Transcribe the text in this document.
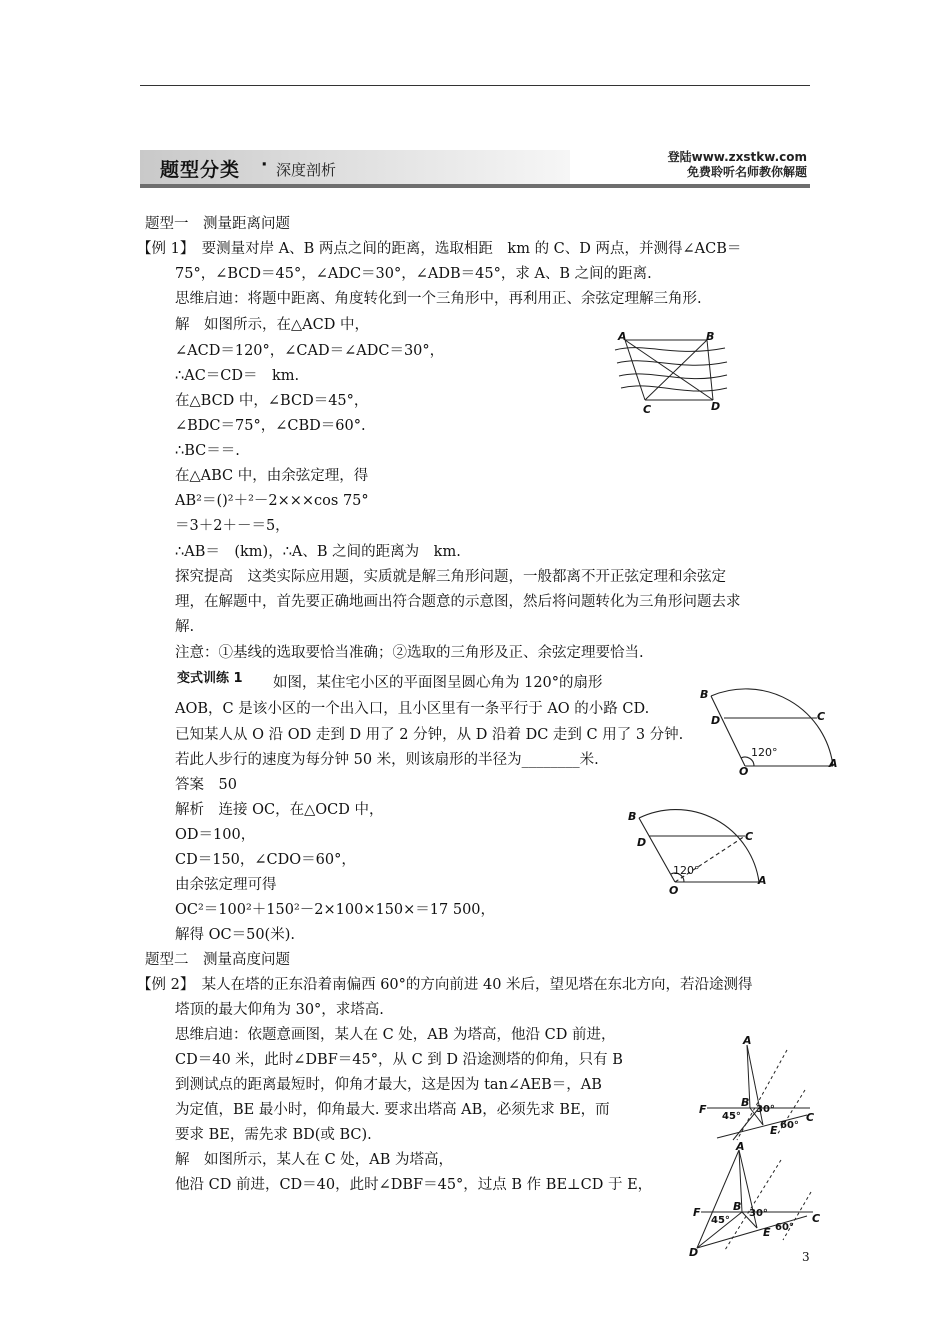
题型分类 · 深度剖析
登陆www.zxstkw.com
免费聆听名师教你解题
题型一　测量距离问题
【例 1】　要测量对岸 A、B 两点之间的距离，选取相距　km 的 C、D 两点，并测得∠ACB＝
75°，∠BCD＝45°，∠ADC＝30°，∠ADB＝45°，求 A、B 之间的距离.
思维启迪：将题中距离、角度转化到一个三角形中，再利用正、余弦定理解三角形.
解　如图所示，在△ACD 中，
∠ACD＝120°，∠CAD＝∠ADC＝30°，
∴AC＝CD＝　km.
在△BCD 中，∠BCD＝45°，
∠BDC＝75°，∠CBD＝60°.
∴BC＝＝.
在△ABC 中，由余弦定理，得
AB²＝()²＋²－2×××cos 75°
＝3＋2＋－＝5，
∴AB＝　(km)，∴A、B 之间的距离为　km.
探究提高　这类实际应用题，实质就是解三角形问题，一般都离不开正弦定理和余弦定
理，在解题中，首先要正确地画出符合题意的示意图，然后将问题转化为三角形问题去求
解.
注意：①基线的选取要恰当准确；②选取的三角形及正、余弦定理要恰当.
变式训练 1 如图，某住宅小区的平面图呈圆心角为 120°的扇形
AOB，C 是该小区的一个出入口，且小区里有一条平行于 AO 的小路 CD.
已知某人从 O 沿 OD 走到 D 用了 2 分钟，从 D 沿着 DC 走到 C 用了 3 分钟.
若此人步行的速度为每分钟 50 米，则该扇形的半径为________米.
答案　50
解析　连接 OC，在△OCD 中，
OD＝100，
CD＝150，∠CDO＝60°，
由余弦定理可得
OC²＝100²＋150²－2×100×150×＝17 500，
解得 OC＝50(米).
题型二　测量高度问题
【例 2】　某人在塔的正东沿着南偏西 60°的方向前进 40 米后，望见塔在东北方向，若沿途测得
塔顶的最大仰角为 30°，求塔高.
思维启迪：依题意画图，某人在 C 处，AB 为塔高，他沿 CD 前进，
CD＝40 米，此时∠DBF＝45°，从 C 到 D 沿途测塔的仰角，只有 B
到测试点的距离最短时，仰角才最大，这是因为 tan∠AEB＝，AB
为定值，BE 最小时，仰角最大. 要求出塔高 AB，必须先求 BE，而
要求 BE，需先求 BD(或 BC).
解　如图所示，某人在 C 处，AB 为塔高，
他沿 CD 前进，CD＝40，此时∠DBF＝45°，过点 B 作 BE⊥CD 于 E，
A	B
C	D
B
D	C
O
A
120°
B
D	C
O
A
120°
A
B
F
E
C
45°
30°
60°
A
B
F
E
C
D
45°
30°
60°
3
